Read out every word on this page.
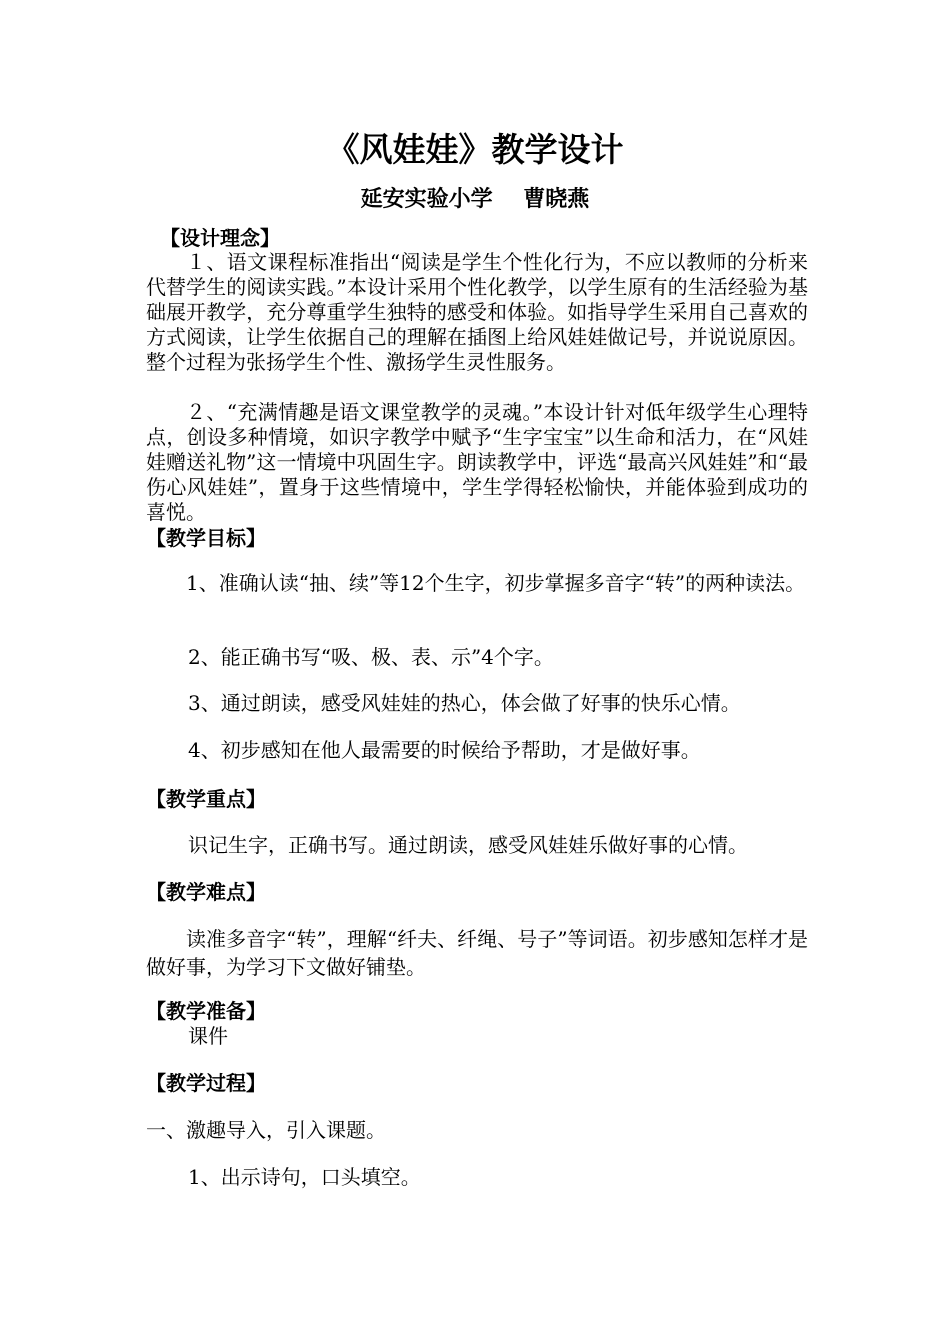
《风娃娃》教学设计
延安实验小学    曹晓燕
【设计理念】
１、语文课程标准指出“阅读是学生个性化行为，不应以教师的分析来代替学生的阅读实践。”本设计采用个性化教学，以学生原有的生活经验为基础展开教学，充分尊重学生独特的感受和体验。如指导学生采用自己喜欢的方式阅读，让学生依据自己的理解在插图上给风娃娃做记号，并说说原因。整个过程为张扬学生个性、激扬学生灵性服务。
２、“充满情趣是语文课堂教学的灵魂。”本设计针对低年级学生心理特点，创设多种情境，如识字教学中赋予“生字宝宝”以生命和活力，在“风娃娃赠送礼物”这一情境中巩固生字。朗读教学中，评选“最高兴风娃娃”和“最伤心风娃娃”，置身于这些情境中，学生学得轻松愉快，并能体验到成功的喜悦。
【教学目标】
1、准确认读“抽、续”等12个生字，初步掌握多音字“转”的两种读法。
2、能正确书写“吸、极、表、示”4个字。
3、通过朗读，感受风娃娃的热心，体会做了好事的快乐心情。
4、初步感知在他人最需要的时候给予帮助，才是做好事。
【教学重点】
识记生字，正确书写。通过朗读，感受风娃娃乐做好事的心情。
【教学难点】
读准多音字“转”，理解“纤夫、纤绳、号子”等词语。初步感知怎样才是做好事，为学习下文做好铺垫。
【教学准备】
课件
【教学过程】
一、激趣导入，引入课题。
1、出示诗句，口头填空。
